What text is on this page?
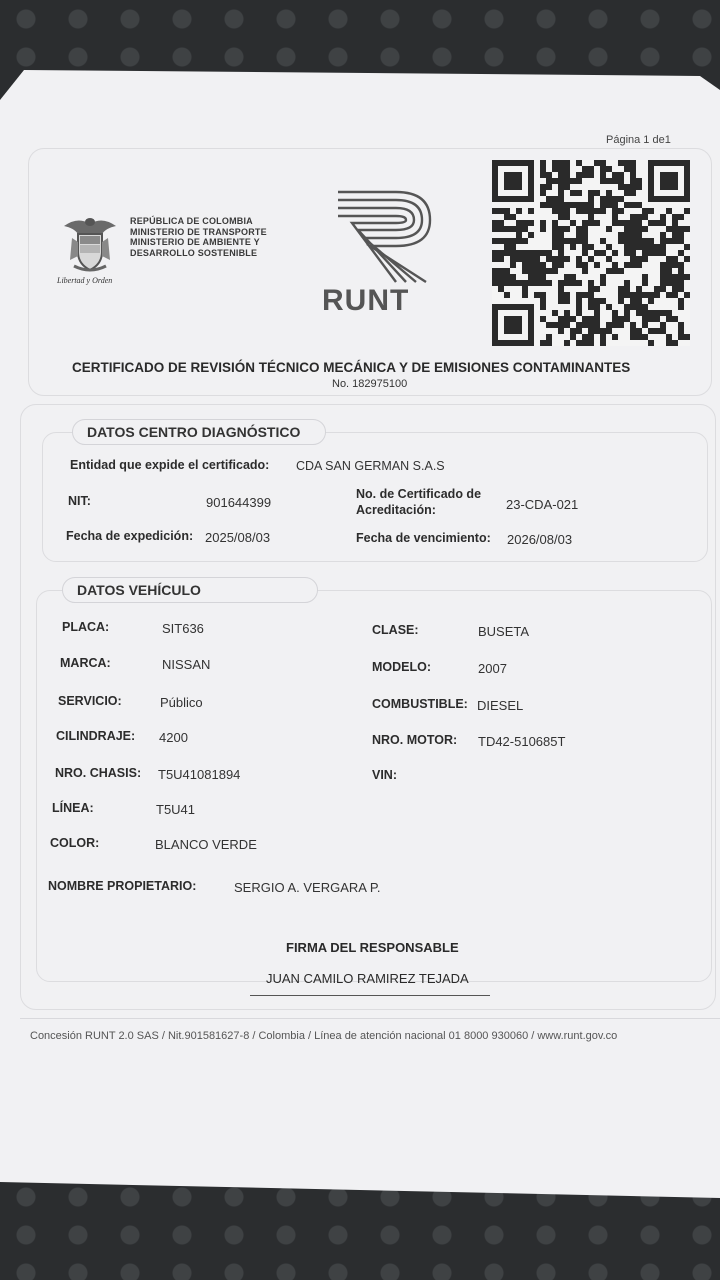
Página 1 de1
Libertad y Orden
REPÚBLICA DE COLOMBIA
MINISTERIO DE TRANSPORTE
MINISTERIO DE AMBIENTE Y
DESARROLLO SOSTENIBLE
RUNT
CERTIFICADO DE REVISIÓN TÉCNICO MECÁNICA Y DE EMISIONES CONTAMINANTES
No. 182975100
DATOS CENTRO DIAGNÓSTICO
Entidad que expide el certificado: CDA SAN GERMAN S.A.S
NIT:	901644399
No. de Certificado de
Acreditación:	23-CDA-021
Fecha de expedición: 2025/08/03	Fecha de vencimiento: 2026/08/03
DATOS VEHÍCULO
PLACA:	SIT636	CLASE:	BUSETA
MARCA:	NISSAN	MODELO:	2007
SERVICIO:	Público	COMBUSTIBLE: DIESEL
CILINDRAJE: 4200	NRO. MOTOR: TD42-510685T
NRO. CHASIS: T5U41081894	VIN:
LÍNEA:	T5U41
COLOR:	BLANCO VERDE
NOMBRE PROPIETARIO:	SERGIO A. VERGARA P.
FIRMA DEL RESPONSABLE
JUAN CAMILO RAMIREZ TEJADA
Concesión RUNT 2.0 SAS / Nit.901581627-8 / Colombia / Línea de atención nacional 01 8000 930060 / www.runt.gov.co
